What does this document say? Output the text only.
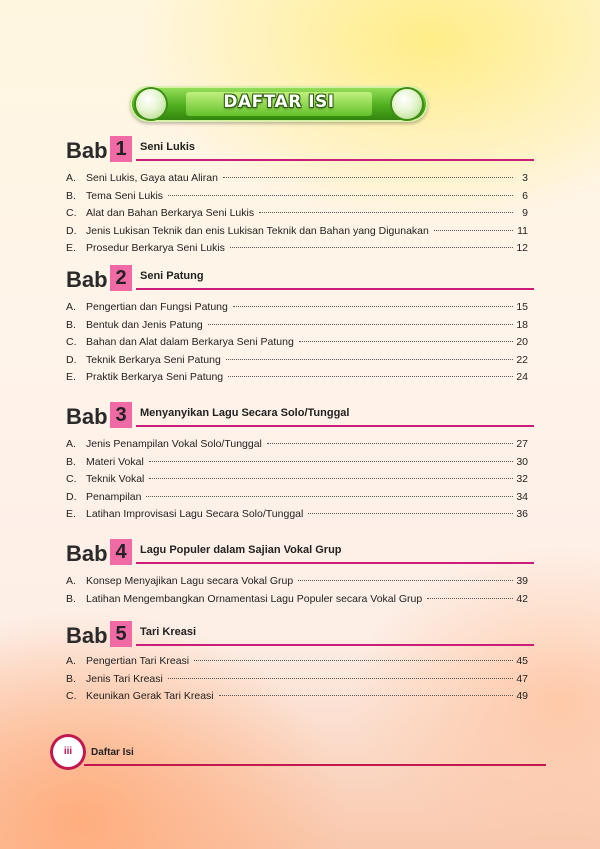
DAFTAR ISI
Bab 1	Seni Lukis
A. Seni Lukis, Gaya atau Aliran	3
B. Tema Seni Lukis	6
C. Alat dan Bahan Berkarya Seni Lukis	9
D. Jenis Lukisan Teknik dan enis Lukisan Teknik dan Bahan yang Digunakan	11
E. Prosedur Berkarya Seni Lukis	12
Bab 2	Seni Patung
A. Pengertian dan Fungsi Patung	15
B. Bentuk dan Jenis Patung	18
C. Bahan dan Alat dalam Berkarya Seni Patung	20
D. Teknik Berkarya Seni Patung	22
E. Praktik Berkarya Seni Patung	24
Bab 3	Menyanyikan Lagu Secara Solo/Tunggal
A. Jenis Penampilan Vokal Solo/Tunggal	27
B. Materi Vokal	30
C. Teknik Vokal	32
D. Penampilan	34
E. Latihan Improvisasi Lagu Secara Solo/Tunggal	36
Bab 4	Lagu Populer dalam Sajian Vokal Grup
A. Konsep Menyajikan Lagu secara Vokal Grup	39
B. Latihan Mengembangkan Ornamentasi Lagu Populer secara Vokal Grup	42
Bab 5	Tari Kreasi
A. Pengertian Tari Kreasi	45
B. Jenis Tari Kreasi	47
C. Keunikan Gerak Tari Kreasi	49
iii	Daftar Isi
